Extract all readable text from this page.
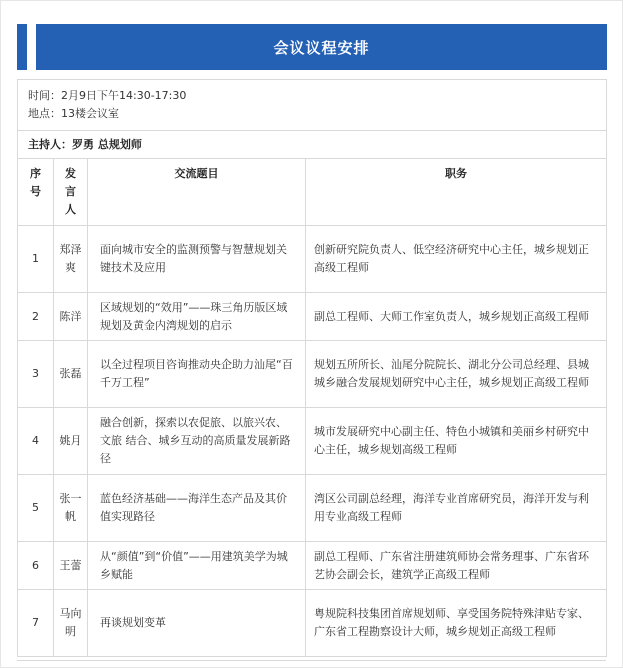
会议议程安排
时间：2月9日下午14:30-17:30
地点：13楼会议室			

主持人：罗勇 总规划师			
序号	发言人	交流题目	职务
1	郑泽爽	面向城市安全的监测预警与智慧规划关键技术及应用	创新研究院负责人、低空经济研究中心主任，城乡规划正高级工程师
2	陈洋	区域规划的“效用”——珠三角历版区域规划及黄金内湾规划的启示	副总工程师、大师工作室负责人，城乡规划正高级工程师
3	张磊	以全过程项目咨询推动央企助力汕尾“百千万工程”	规划五所所长、汕尾分院院长、湖北分公司总经理、县城城乡融合发展规划研究中心主任，城乡规划正高级工程师
4	姚月	融合创新，探索以农促旅、以旅兴农、文旅 结合、城乡互动的高质量发展新路径	城市发展研究中心副主任、特色小城镇和美丽乡村研究中心主任，城乡规划高级工程师
5	张一帆	蓝色经济基础——海洋生态产品及其价值实现路径	湾区公司副总经理，海洋专业首席研究员，海洋开发与利用专业高级工程师
6	王蕾	从“颜值”到“价值”——用建筑美学为城乡赋能	副总工程师、广东省注册建筑师协会常务理事、广东省环艺协会副会长，建筑学正高级工程师
7	马向明	再谈规划变革	粤规院科技集团首席规划师、享受国务院特殊津贴专家、广东省工程勘察设计大师，城乡规划正高级工程师
